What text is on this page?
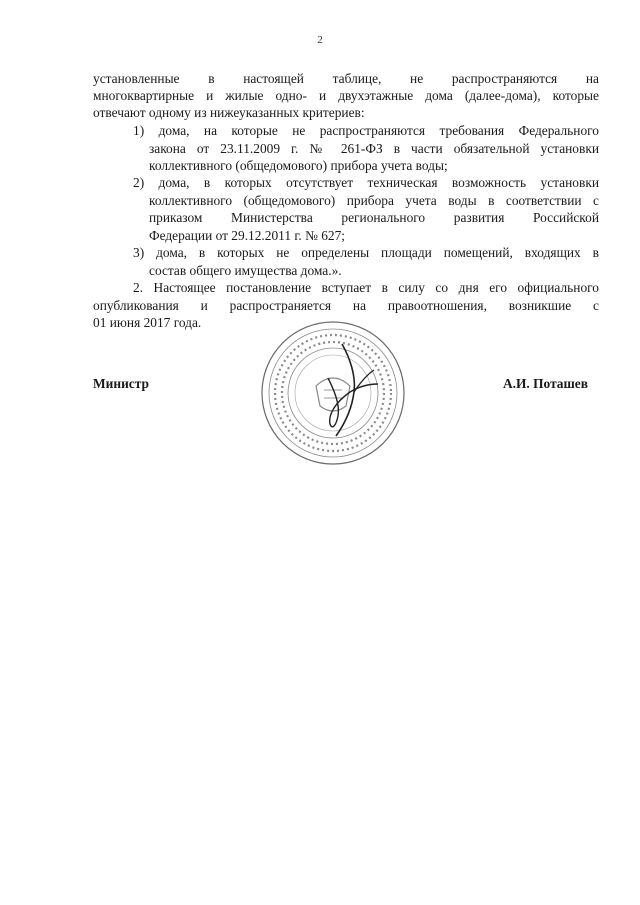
2
установленные в настоящей таблице, не распространяются на
многоквартирные и жилые одно- и двухэтажные дома (далее-дома), которые
отвечают одному из нижеуказанных критериев:
1) дома, на которые не распространяются требования Федерального
закона от 23.11.2009 г. № 261-ФЗ в части обязательной установки
коллективного (общедомового) прибора учета воды;
2) дома, в которых отсутствует техническая возможность установки
коллективного (общедомового) прибора учета воды в соответствии с
приказом Министерства регионального развития Российской
Федерации от 29.12.2011 г. № 627;
3) дома, в которых не определены площади помещений, входящих в
состав общего имущества дома.».
2. Настоящее постановление вступает в силу со дня его официального
опубликования и распространяется на правоотношения, возникшие с
01 июня 2017 года.
Министр	А.И. Поташев
